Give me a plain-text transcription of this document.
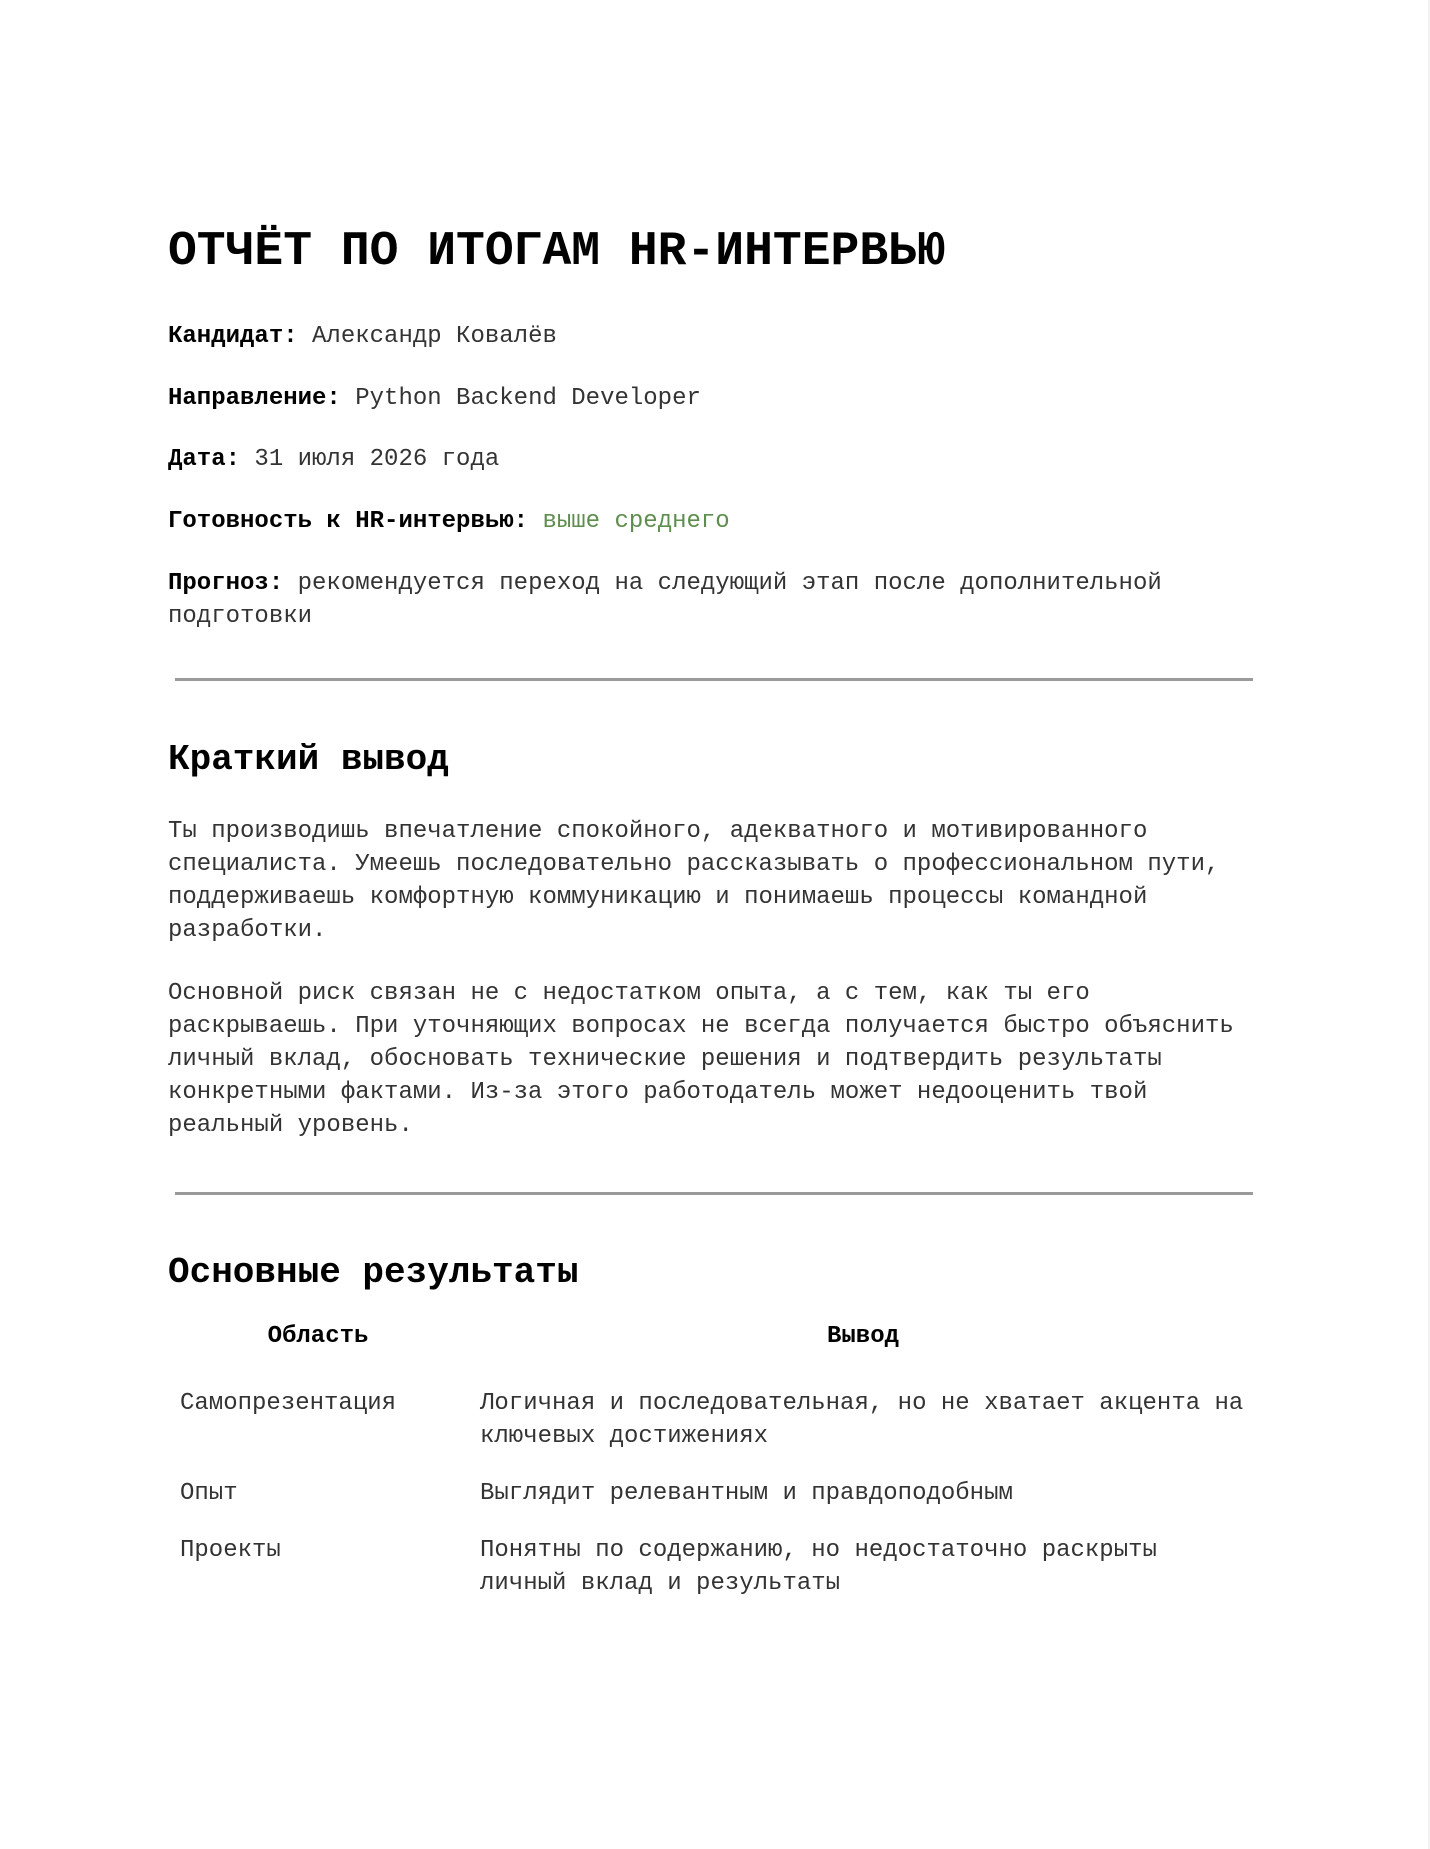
ОТЧЁТ ПО ИТОГАМ HR-ИНТЕРВЬЮ

Кандидат: Александр Ковалёв

Направление: Python Backend Developer

Дата: 31 июля 2026 года

Готовность к HR-интервью: выше среднего

Прогноз: рекомендуется переход на следующий этап после дополнительной подготовки

Краткий вывод

Ты производишь впечатление спокойного, адекватного и мотивированного специалиста. Умеешь последовательно рассказывать о профессиональном пути, поддерживаешь комфортную коммуникацию и понимаешь процессы командной разработки.

Основной риск связан не с недостатком опыта, а с тем, как ты его раскрываешь. При уточняющих вопросах не всегда получается быстро объяснить личный вклад, обосновать технические решения и подтвердить результаты конкретными фактами. Из-за этого работодатель может недооценить твой реальный уровень.

Основные результаты
Область	Вывод
Самопрезентация	Логичная и последовательная, но не хватает акцента на ключевых достижениях
Опыт	Выглядит релевантным и правдоподобным
Проекты	Понятны по содержанию, но недостаточно раскрыты личный вклад и результаты
